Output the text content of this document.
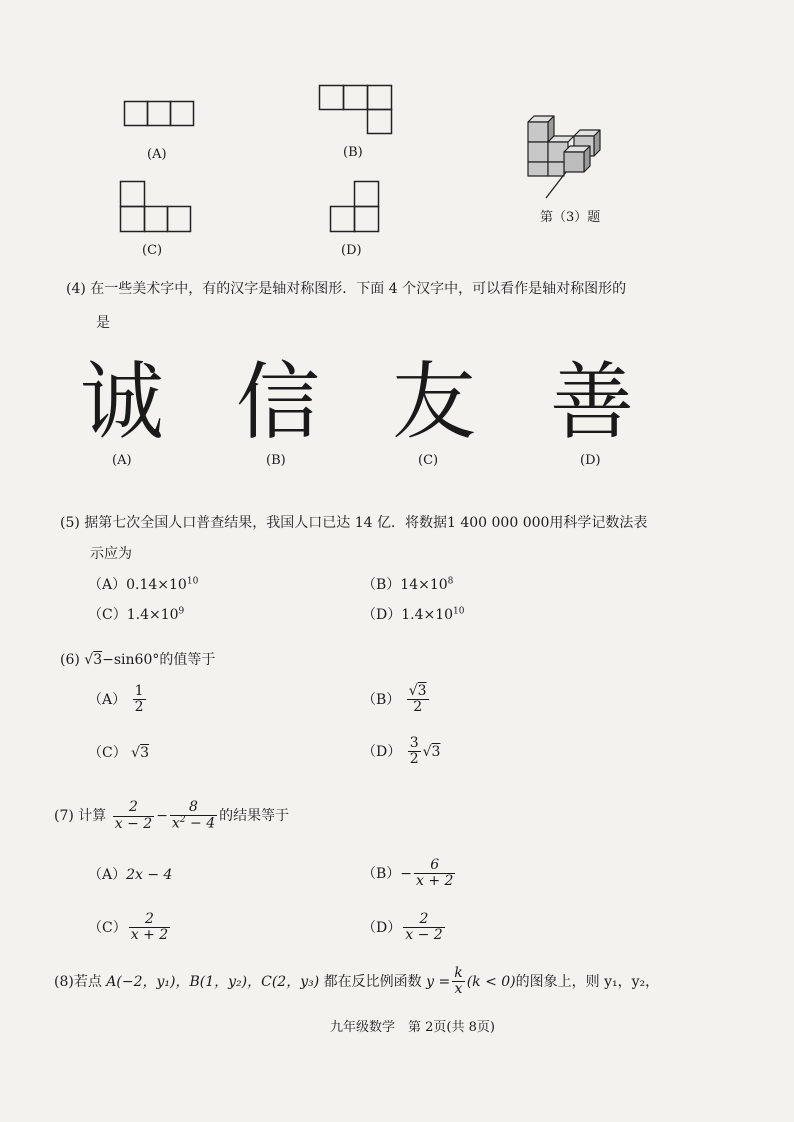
(A)	(B)
(C)	(D)
第（3）题
(4) 在一些美术字中，有的汉字是轴对称图形．下面 4 个汉字中，可以看作是轴对称图形的
是
诚 信 友 善
(A)	(B)	(C)	(D)
(5) 据第七次全国人口普查结果，我国人口已达 14 亿．将数据1 400 000 000用科学记数法表
示应为
$(A)0.14\times 10^{10}$	$(B)14\times 10^8$
$(C)1.4\times 10^9$	$(D)1.4\times 10^{10}$
(6) √3−sin60°的值等于
$(A) \frac{1}{2}$	$(B) \frac{√3}{2}$
（C） √3	$(D) \frac{3}{2} √3$
(7) 计算 $\frac{2}{x - 2} - \frac{8}{x^2 - 4}$ 的结果等于
（A）2x − 4	$(B)- \frac{6}{x + 2}$
$(C) \frac{2}{x + 2}$	$(D) \frac{2}{x - 2}$
(8)若点 A(−2，y₁)，B(1，y₂)，C(2，y₃) 都在反比例函数 $y = \frac{k}{x} (k < 0)$的图象上，则 y₁，y₂，
九年级数学　第 2页(共 8页)
